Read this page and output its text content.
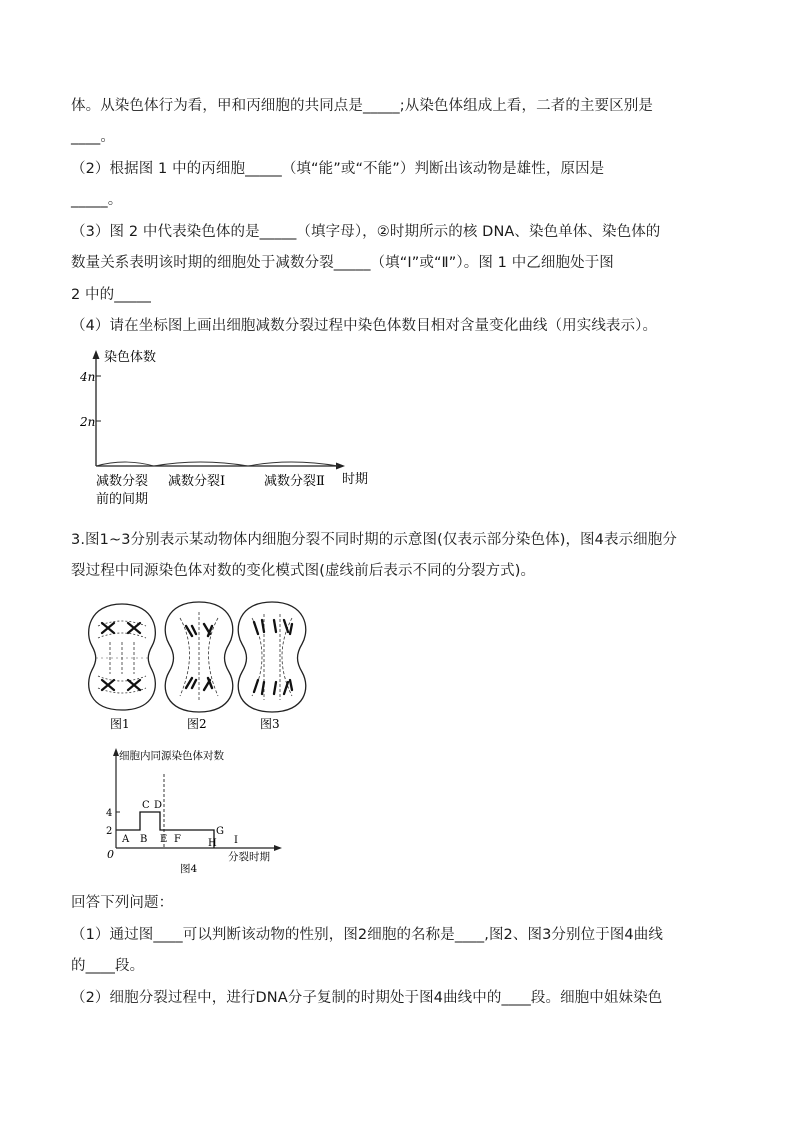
体。从染色体行为看，甲和丙细胞的共同点是_____;从染色体组成上看，二者的主要区别是
____。
（2）根据图 1 中的丙细胞_____（填“能”或“不能”）判断出该动物是雄性，原因是
_____。
（3）图 2 中代表染色体的是_____（填字母），②时期所示的核 DNA、染色单体、染色体的
数量关系表明该时期的细胞处于减数分裂_____（填“Ⅰ”或“Ⅱ”）。图 1 中乙细胞处于图
2 中的_____
（4）请在坐标图上画出细胞减数分裂过程中染色体数目相对含量变化曲线（用实线表示）。
染色体数
4n
2n
减数分裂
前的间期
减数分裂Ⅰ	减数分裂Ⅱ 时期
3.图1~3分别表示某动物体内细胞分裂不同时期的示意图(仅表示部分染色体)，图4表示细胞分
裂过程中同源染色体对数的变化模式图(虚线前后表示不同的分裂方式)。
图1	图2	图3
2
4
A B
C D
E F
G
H I
细胞内同源染色体对数
0	分裂时期
图4
回答下列问题：
（1）通过图____可以判断该动物的性别，图2细胞的名称是____,图2、图3分别位于图4曲线
的____段。
（2）细胞分裂过程中，进行DNA分子复制的时期处于图4曲线中的____段。细胞中姐妹染色
